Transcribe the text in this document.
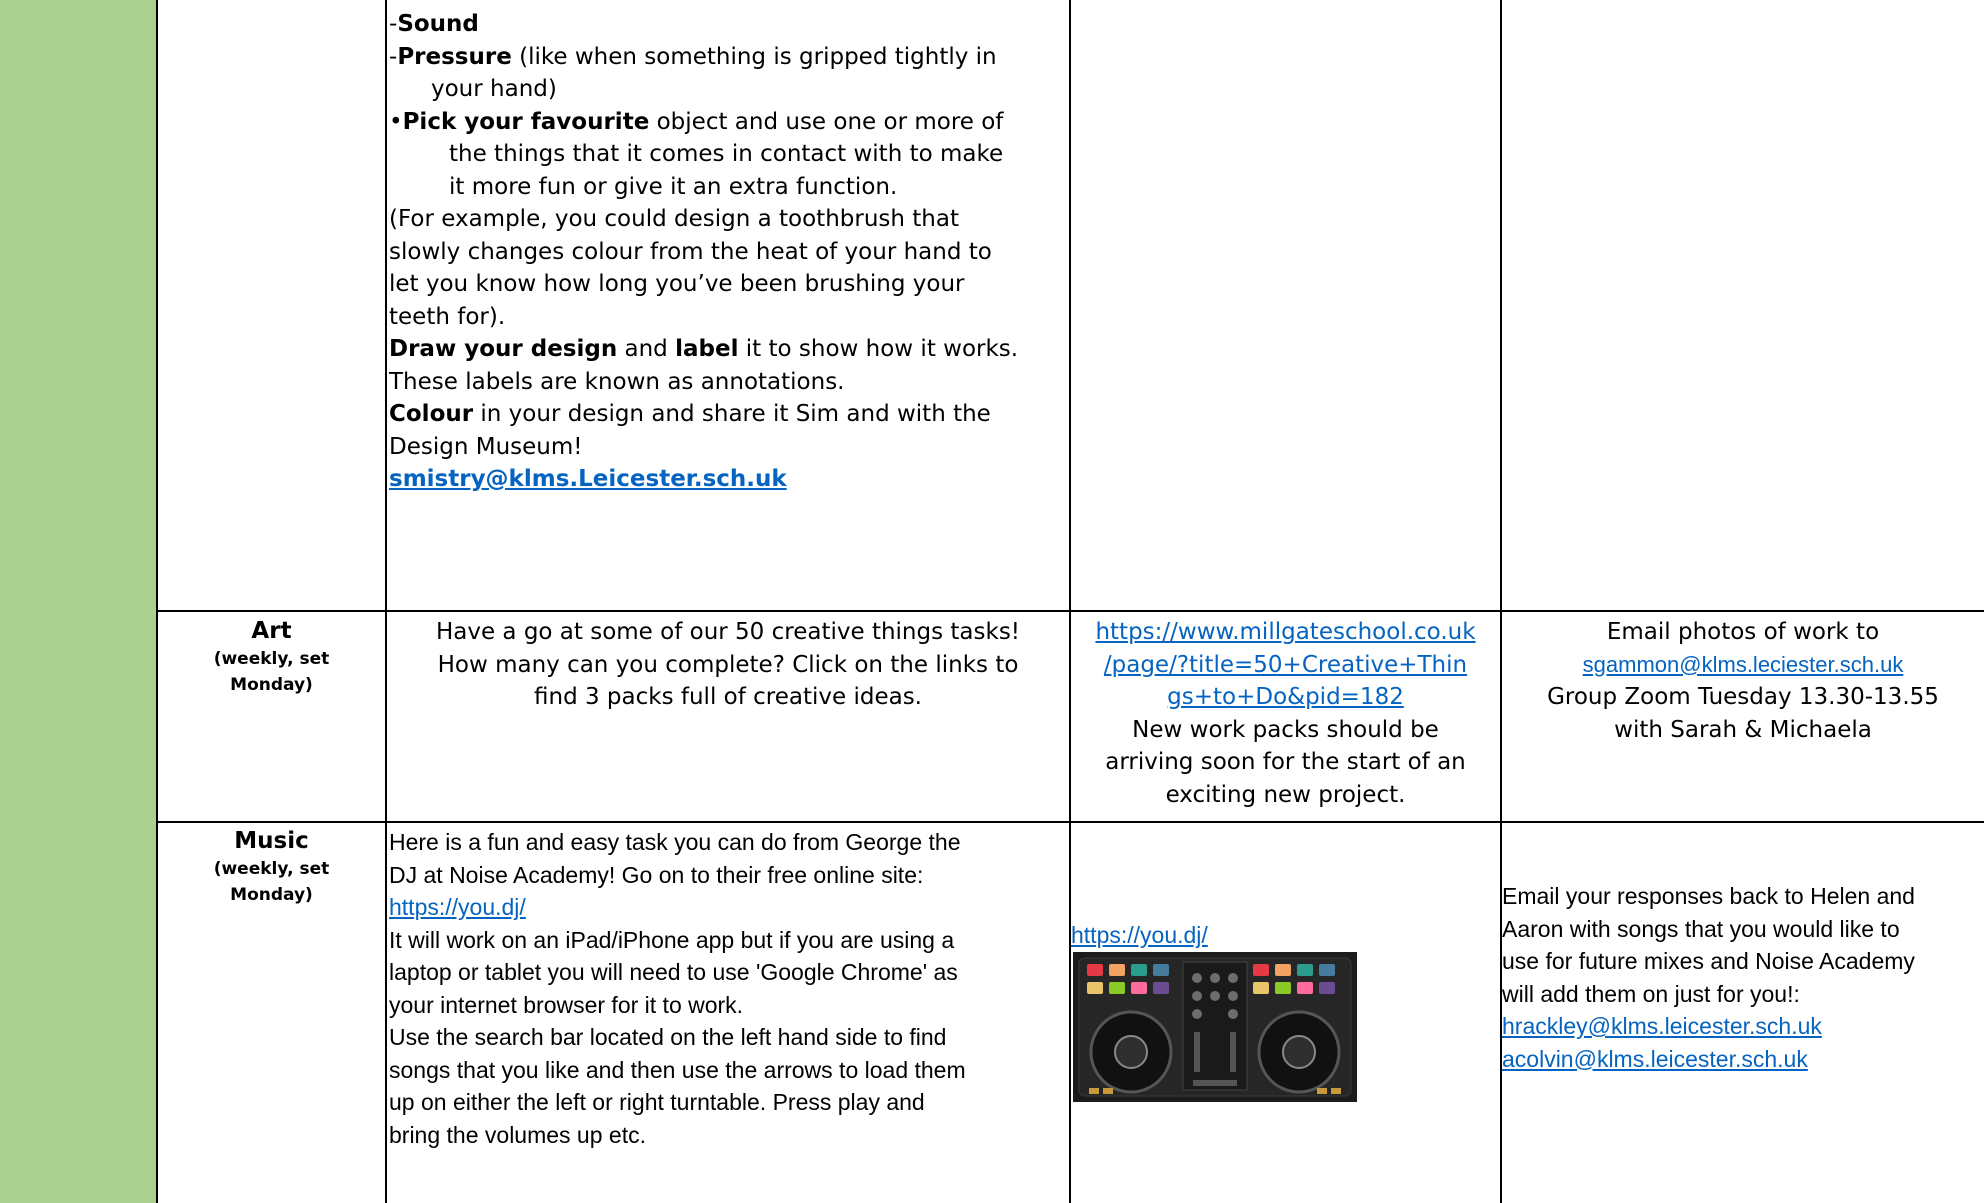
-Sound

-Pressure (like when something is gripped tightly in

your hand)

•Pick your favourite object and use one or more of

the things that it comes in contact with to make

it more fun or give it an extra function.

(For example, you could design a toothbrush that

slowly changes colour from the heat of your hand to

let you know how long you’ve been brushing your

teeth for).

Draw your design and label it to show how it works.

These labels are known as annotations.

Colour in your design and share it Sim and with the

Design Museum!

smistry@klms.Leicester.sch.uk

Art
(weekly, set
Monday)

Have a go at some of our 50 creative things tasks!

How many can you complete? Click on the links to

find 3 packs full of creative ideas.

https://www.millgateschool.co.uk
/page/?title=50+Creative+Thin
gs+to+Do&pid=182

New work packs should be

arriving soon for the start of an

exciting new project.

Email photos of work to

sgammon@klms.leciester.sch.uk

Group Zoom Tuesday 13.30-13.55

with Sarah & Michaela

Music
(weekly, set
Monday)

Here is a fun and easy task you can do from George the

DJ at Noise Academy! Go on to their free online site:

https://you.dj/

It will work on an iPad/iPhone app but if you are using a

laptop or tablet you will need to use 'Google Chrome' as

your internet browser for it to work.

Use the search bar located on the left hand side to find

songs that you like and then use the arrows to load them

up on either the left or right turntable. Press play and

bring the volumes up etc.

https://you.dj/

Email your responses back to Helen and

Aaron with songs that you would like to

use for future mixes and Noise Academy

will add them on just for you!:

hrackley@klms.leicester.sch.uk

acolvin@klms.leicester.sch.uk
